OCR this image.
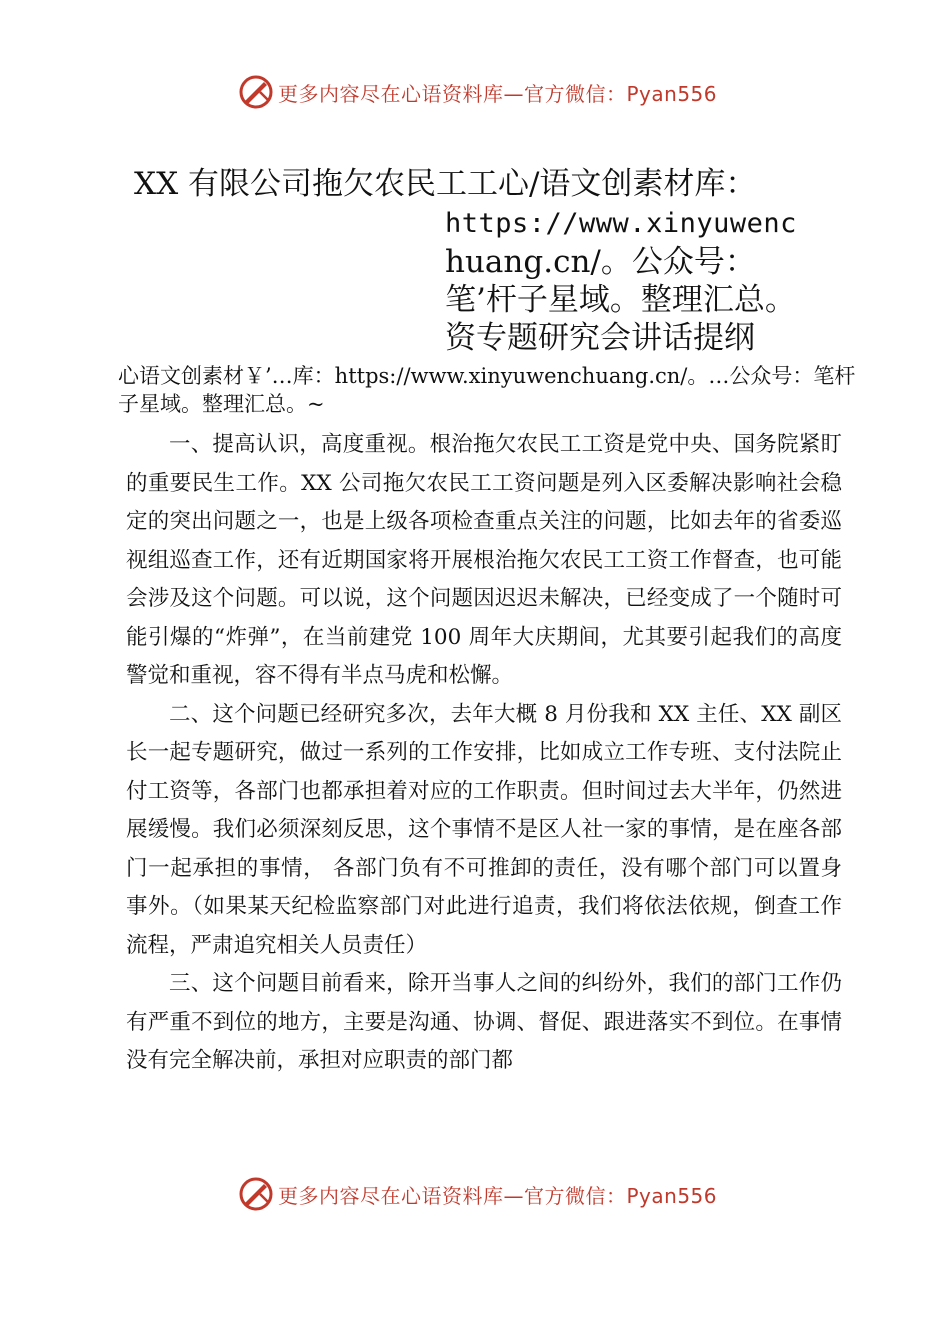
更多内容尽在心语资料库—官方微信：Pyan556
XX 有限公司拖欠农民工工心/语文创素材库：
https://www.xinyuwenc
huang.cn/。公众号：
笔’杆子星域。整理汇总。
资专题研究会讲话提纲
心语文创素材￥’…库：https://www.xinyuwenchuang.cn/。…公众号：笔杆子星域。整理汇总。~

一、提高认识，高度重视。根治拖欠农民工工资是党中央、国务院紧盯的重要民生工作。XX 公司拖欠农民工工资问题是列入区委解决影响社会稳定的突出问题之一，也是上级各项检查重点关注的问题，比如去年的省委巡视组巡查工作，还有近期国家将开展根治拖欠农民工工资工作督查，也可能会涉及这个问题。可以说，这个问题因迟迟未解决，已经变成了一个随时可能引爆的“炸弹”，在当前建党 100 周年大庆期间，尤其要引起我们的高度警觉和重视，容不得有半点马虎和松懈。

二、这个问题已经研究多次，去年大概 8 月份我和 XX 主任、XX 副区长一起专题研究，做过一系列的工作安排，比如成立工作专班、支付法院止付工资等，各部门也都承担着对应的工作职责。但时间过去大半年，仍然进展缓慢。我们必须深刻反思，这个事情不是区人社一家的事情，是在座各部门一起承担的事情， 各部门负有不可推卸的责任，没有哪个部门可以置身事外。（如果某天纪检监察部门对此进行追责，我们将依法依规，倒查工作流程，严肃追究相关人员责任）

三、这个问题目前看来，除开当事人之间的纠纷外，我们的部门工作仍有严重不到位的地方，主要是沟通、协调、督促、跟进落实不到位。在事情没有完全解决前，承担对应职责的部门都

更多内容尽在心语资料库—官方微信：Pyan556
